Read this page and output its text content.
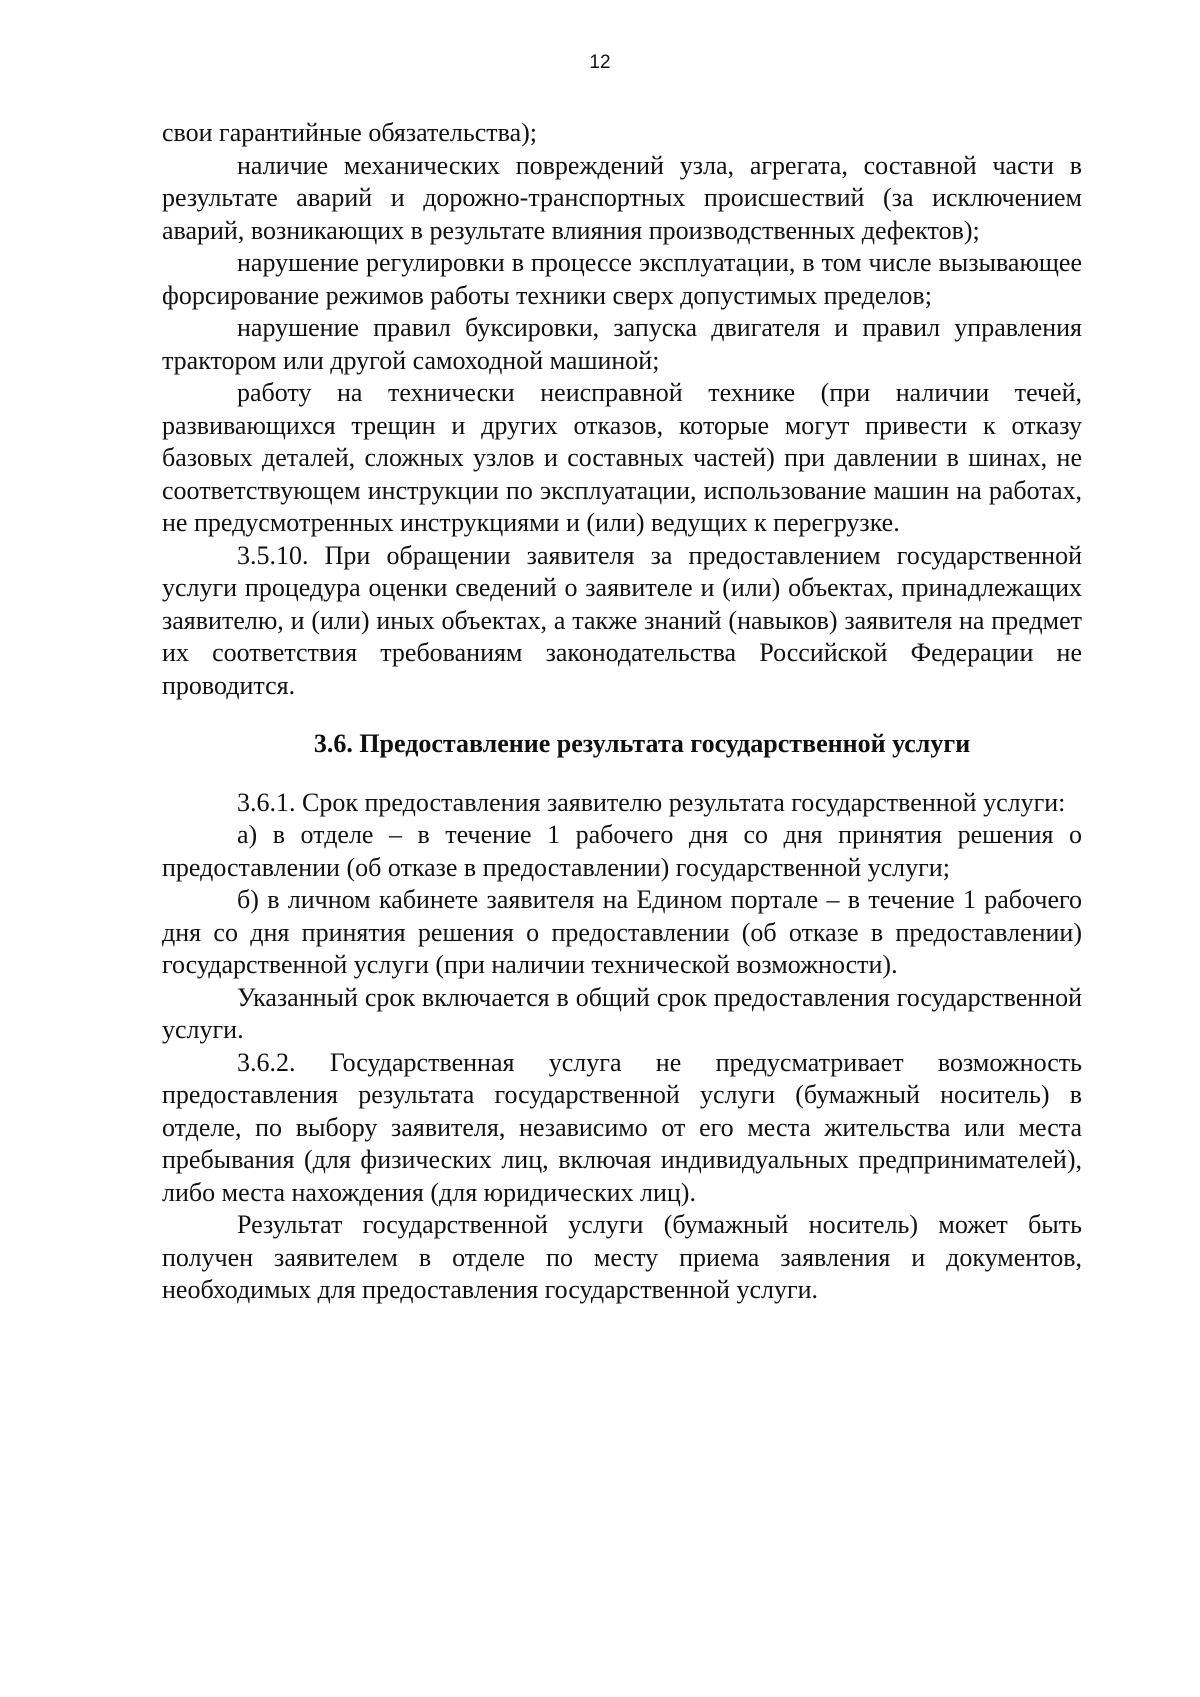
12

свои гарантийные обязательства);

наличие механических повреждений узла, агрегата, составной части в результате аварий и дорожно-транспортных происшествий (за исключением аварий, возникающих в результате влияния производственных дефектов);

нарушение регулировки в процессе эксплуатации, в том числе вызывающее форсирование режимов работы техники сверх допустимых пределов;

нарушение правил буксировки, запуска двигателя и правил управления трактором или другой самоходной машиной;

работу на технически неисправной технике (при наличии течей, развивающихся трещин и других отказов, которые могут привести к отказу базовых деталей, сложных узлов и составных частей) при давлении в шинах, не соответствующем инструкции по эксплуатации, использование машин на работах, не предусмотренных инструкциями и (или) ведущих к перегрузке.

3.5.10. При обращении заявителя за предоставлением государственной услуги процедура оценки сведений о заявителе и (или) объектах, принадлежащих заявителю, и (или) иных объектах, а также знаний (навыков) заявителя на предмет их соответствия требованиям законодательства Российской Федерации не проводится.

3.6. Предоставление результата государственной услуги

3.6.1. Срок предоставления заявителю результата государственной услуги:

а) в отделе – в течение 1 рабочего дня со дня принятия решения о предоставлении (об отказе в предоставлении) государственной услуги;

б) в личном кабинете заявителя на Едином портале – в течение 1 рабочего дня со дня принятия решения о предоставлении (об отказе в предоставлении) государственной услуги (при наличии технической возможности).

Указанный срок включается в общий срок предоставления государственной услуги.

3.6.2. Государственная услуга не предусматривает возможность предоставления результата государственной услуги (бумажный носитель) в отделе, по выбору заявителя, независимо от его места жительства или места пребывания (для физических лиц, включая индивидуальных предпринимателей), либо места нахождения (для юридических лиц).

Результат государственной услуги (бумажный носитель) может быть получен заявителем в отделе по месту приема заявления и документов, необходимых для предоставления государственной услуги.
